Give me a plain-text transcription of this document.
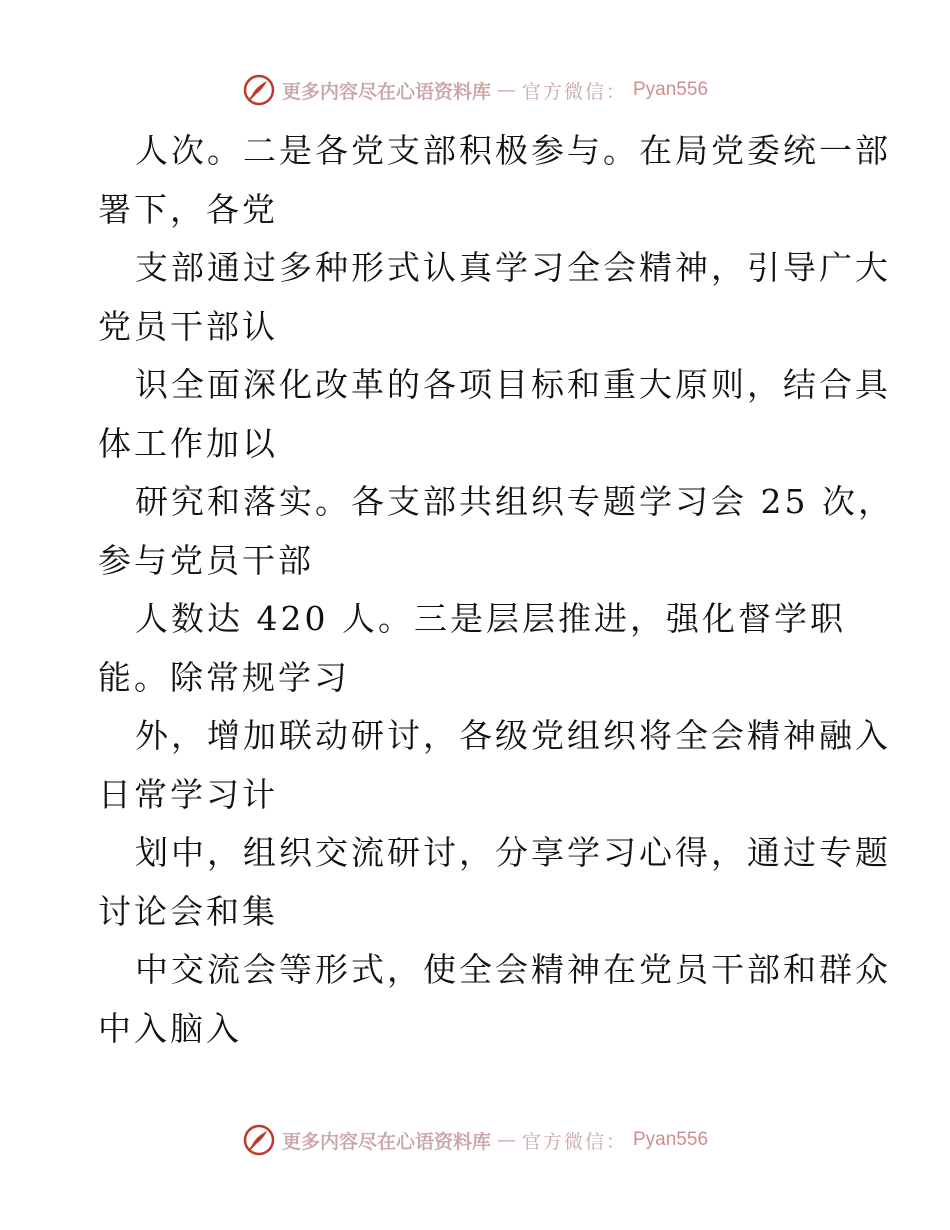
更多内容尽在心语资料库 — 官方微信： Pyan556
人次。二是各党支部积极参与。在局党委统一部
署下，各党
支部通过多种形式认真学习全会精神，引导广大
党员干部认
识全面深化改革的各项目标和重大原则，结合具
体工作加以
研究和落实。各支部共组织专题学习会 25 次，
参与党员干部
人数达 420 人。三是层层推进，强化督学职
能。除常规学习
外，增加联动研讨，各级党组织将全会精神融入
日常学习计
划中，组织交流研讨，分享学习心得，通过专题
讨论会和集
中交流会等形式，使全会精神在党员干部和群众
中入脑入
更多内容尽在心语资料库 — 官方微信： Pyan556
